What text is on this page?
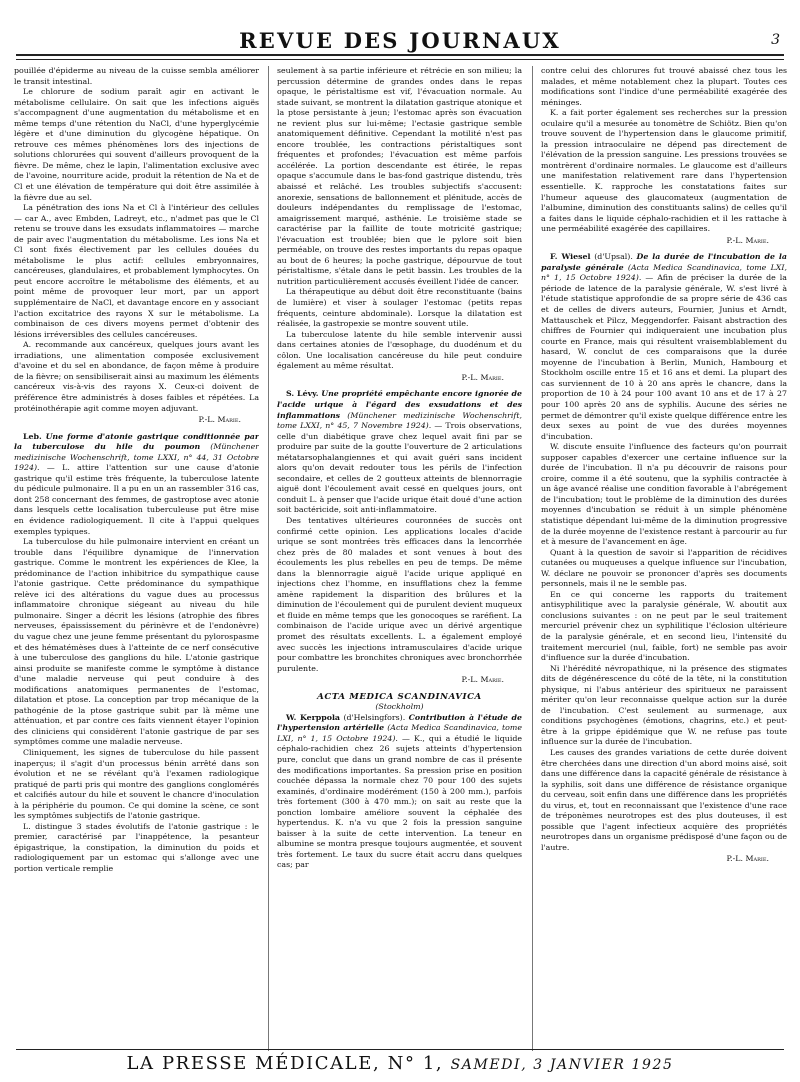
REVUE DES JOURNAUX	3

pouillée d'épiderme au niveau de la cuisse sembla améliorer le transit intestinal.

Le chlorure de sodium paraît agir en activant le métabolisme cellulaire. On sait que les infections aiguës s'accompagnent d'une augmentation du métabolisme et en même temps d'une rétention du NaCl, d'une hyperglycémie légère et d'une diminution du glycogène hépatique. On retrouve ces mêmes phénomènes lors des injections de solutions chlorurées qui souvent d'ailleurs provoquent de la fièvre. De même, chez le lapin, l'alimentation exclusive avec de l'avoine, nourriture acide, produit la rétention de Na et de Cl et une élévation de température qui doit être assimilée à la fièvre due au sel.

La pénétration des ions Na et Cl à l'intérieur des cellules — car A., avec Embden, Ladreyt, etc., n'admet pas que le Cl retenu se trouve dans les exsudats inflammatoires — marche de pair avec l'augmentation du métabolisme. Les ions Na et Cl sont fixés électivement par les cellules douées du métabolisme le plus actif: cellules embryonnaires, cancéreuses, glandulaires, et probablement lymphocytes. On peut encore accroître le métabolisme des éléments, et au point même de provoquer leur mort, par un apport supplémentaire de NaCl, et davantage encore en y associant l'action excitatrice des rayons X sur le métabolisme. La combinaison de ces divers moyens permet d'obtenir des lésions irréversibles des cellules cancéreuses.

A. recommande aux cancéreux, quelques jours avant les irradiations, une alimentation composée exclusivement d'avoine et du sel en abondance, de façon même à produire de la fièvre; on sensibiliserait ainsi au maximum les éléments cancéreux vis-à-vis des rayons X. Ceux-ci doivent de préférence être administrés à doses faibles et répétées. La protéinothérapie agit comme moyen adjuvant.

P.-L. Marie.

Leb. Une forme d'atonie gastrique conditionnée par la tuberculose du hile du poumon (Münchener medizinische Wochenschrift, tome LXXI, n° 44, 31 Octobre 1924). — L. attire l'attention sur une cause d'atonie gastrique qu'il estime très fréquente, la tuberculose latente du pédicule pulmonaire. Il a pu en un an rassembler 316 cas, dont 258 concernant des femmes, de gastroptose avec atonie dans lesquels cette localisation tuberculeuse put être mise en évidence radiologiquement. Il cite à l'appui quelques exemples typiques.

La tuberculose du hile pulmonaire intervient en créant un trouble dans l'équilibre dynamique de l'innervation gastrique. Comme le montrent les expériences de Klee, la prédominance de l'action inhibitrice du sympathique cause l'atonie gastrique. Cette prédominance du sympathique relève ici des altérations du vague dues au processus inflammatoire chronique siégeant au niveau du hile pulmonaire. Singer a décrit les lésions (atrophie des fibres nerveuses, épaississement du périnèvre et de l'endonèvre) du vague chez une jeune femme présentant du pylorospasme et des hématémèses dues à l'atteinte de ce nerf consécutive à une tuberculose des ganglions du hile. L'atonie gastrique ainsi produite se manifeste comme le symptôme à distance d'une maladie nerveuse qui peut conduire à des modifications anatomiques permanentes de l'estomac, dilatation et ptose. La conception par trop mécanique de la pathogénie de la ptose gastrique subit par là même une atténuation, et par contre ces faits viennent étayer l'opinion des cliniciens qui considèrent l'atonie gastrique de par ses symptômes comme une maladie nerveuse.

Cliniquement, les signes de tuberculose du hile passent inaperçus; il s'agit d'un processus bénin arrêté dans son évolution et ne se révélant qu'à l'examen radiologique pratiqué de parti pris qui montre des ganglions conglomérés et calcifiés autour du hile et souvent le chancre d'inoculation à la périphérie du poumon. Ce qui domine la scène, ce sont les symptômes subjectifs de l'atonie gastrique.

L. distingue 3 stades évolutifs de l'atonie gastrique : le premier, caractérisé par l'inappétence, la pesanteur épigastrique, la constipation, la diminution du poids et radiologiquement par un estomac qui s'allonge avec une portion verticale remplie

seulement à sa partie inférieure et rétrécie en son milieu; la percussion détermine de grandes ondes dans le repas opaque, le péristaltisme est vif, l'évacuation normale. Au stade suivant, se montrent la dilatation gastrique atonique et la ptose persistante à jeun; l'estomac après son évacuation ne revient plus sur lui-même; l'ectasie gastrique semble anatomiquement définitive. Cependant la motilité n'est pas encore troublée, les contractions péristaltiques sont fréquentes et profondes; l'évacuation est même parfois accélérée. La portion descendante est étirée, le repas opaque s'accumule dans le bas-fond gastrique distendu, très abaissé et relâché. Les troubles subjectifs s'accusent: anorexie, sensations de ballonnement et plénitude, accès de douleurs indépendantes du remplissage de l'estomac, amaigrissement marqué, asthénie. Le troisième stade se caractérise par la faillite de toute motricité gastrique; l'évacuation est troublée; bien que le pylore soit bien perméable, on trouve des restes importants du repas opaque au bout de 6 heures; la poche gastrique, dépourvue de tout péristaltisme, s'étale dans le petit bassin. Les troubles de la nutrition particulièrement accusés éveillent l'idée de cancer.

La thérapeutique au début doit être reconstituante (bains de lumière) et viser à soulager l'estomac (petits repas fréquents, ceinture abdominale). Lorsque la dilatation est réalisée, la gastropexie se montre souvent utile.

La tuberculose latente du hile semble intervenir aussi dans certaines atonies de l'œsophage, du duodénum et du côlon. Une localisation cancéreuse du hile peut conduire également au même résultat.

P.-L. Marie.

S. Lévy. Une propriété empêchante encore ignorée de l'acide urique à l'égard des exsudations et des inflammations (Münchener medizinische Wochenschrift, tome LXXI, n° 45, 7 Novembre 1924). — Trois observations, celle d'un diabétique grave chez lequel avait fini par se produire par suite de la goutte l'ouverture de 2 articulations métatarsophalangiennes et qui avait guéri sans incident alors qu'on devait redouter tous les périls de l'infection secondaire, et celles de 2 goutteux atteints de blennorragie aiguë dont l'écoulement avait cessé en quelques jours, ont conduit L. à penser que l'acide urique était doué d'une action soit bactéricide, soit anti-inflammatoire.

Des tentatives ultérieures couronnées de succès ont confirmé cette opinion. Les applications locales d'acide urique se sont montrées très efficaces dans la lencorrhée chez près de 80 malades et sont venues à bout des écoulements les plus rebelles en peu de temps. De même dans la blennorragie aiguë l'acide urique appliqué en injections chez l'homme, en insufflations chez la femme amène rapidement la disparition des brûlures et la diminution de l'écoulement qui de purulent devient muqueux et fluide en même temps que les gonocoques se raréfient. La combinaison de l'acide urique avec un dérivé argentique promet des résultats excellents. L. a également employé avec succès les injections intramusculaires d'acide urique pour combattre les bronchites chroniques avec bronchorrhée purulente.

P.-L. Marie.

ACTA MEDICA SCANDINAVICA

(Stockholm)

W. Kerppola (d'Helsingfors). Contribution à l'étude de l'hypertension artérielle (Acta Medica Scandinavica, tome LXI, n° 1, 15 Octobre 1924). — K., qui a étudié le liquide céphalo-rachidien chez 26 sujets atteints d'hypertension pure, conclut que dans un grand nombre de cas il présente des modifications importantes. Sa pression prise en position couchée dépassa la normale chez 70 pour 100 des sujets examinés, d'ordinaire modérément (150 à 200 mm.), parfois très fortement (300 à 470 mm.); on sait au reste que la ponction lombaire améliore souvent la céphalée des hypertendus. K. n'a vu que 2 fois la pression sanguine baisser à la suite de cette intervention. La teneur en albumine se montra presque toujours augmentée, et souvent très fortement. Le taux du sucre était accru dans quelques cas; par

contre celui des chlorures fut trouvé abaissé chez tous les malades, et même notablement chez la plupart. Toutes ces modifications sont l'indice d'une perméabilité exagérée des méninges.

K. a fait porter également ses recherches sur la pression oculaire qu'il a mesurée au tonomètre de Schiötz. Bien qu'on trouve souvent de l'hypertension dans le glaucome primitif, la pression intraoculaire ne dépend pas directement de l'élévation de la pression sanguine. Les pressions trouvées se montrèrent d'ordinaire normales. Le glaucome est d'ailleurs une manifestation relativement rare dans l'hypertension essentielle. K. rapproche les constatations faites sur l'humeur aqueuse des glaucomateux (augmentation de l'albumine, diminution des constituants salins) de celles qu'il a faites dans le liquide céphalo-rachidien et il les rattache à une perméabilité exagérée des capillaires.

P.-L. Marie.

F. Wiesel (d'Upsal). De la durée de l'incubation de la paralysie générale (Acta Medica Scandinavica, tome LXI, n° 1, 15 Octobre 1924). — Afin de préciser la durée de la période de latence de la paralysie générale, W. s'est livré à l'étude statistique approfondie de sa propre série de 436 cas et de celles de divers auteurs, Fournier, Junius et Arndt, Mattauschek et Pilcz, Meggendorfer. Faisant abstraction des chiffres de Fournier qui indiqueraient une incubation plus courte en France, mais qui résultent vraisemblablement du hasard, W. conclut de ces comparaisons que la durée moyenne de l'incubation à Berlin, Munich, Hambourg et Stockholm oscille entre 15 et 16 ans et demi. La plupart des cas surviennent de 10 à 20 ans après le chancre, dans la proportion de 10 à 24 pour 100 avant 10 ans et de 17 à 27 pour 100 après 20 ans de syphilis. Aucune des séries ne permet de démontrer qu'il existe quelque différence entre les deux sexes au point de vue des durées moyennes d'incubation.

W. discute ensuite l'influence des facteurs qu'on pourrait supposer capables d'exercer une certaine influence sur la durée de l'incubation. Il n'a pu découvrir de raisons pour croire, comme il a été soutenu, que la syphilis contractée à un âge avancé réalise une condition favorable à l'abrégement de l'incubation; tout le problème de la diminution des durées moyennes d'incubation se réduit à un simple phénomène statistique dépendant lui-même de la diminution progressive de la durée moyenne de l'existence restant à parcourir au fur et à mesure de l'avancement en âge.

Quant à la question de savoir si l'apparition de récidives cutanées ou muqueuses a quelque influence sur l'incubation, W. déclare ne pouvoir se prononcer d'après ses documents personnels, mais il ne le semble pas.

En ce qui concerne les rapports du traitement antisyphilitique avec la paralysie générale, W. aboutit aux conclusions suivantes : on ne peut par le seul traitement mercuriel prévenir chez un syphilitique l'éclosion ultérieure de la paralysie générale, et en second lieu, l'intensité du traitement mercuriel (nul, faible, fort) ne semble pas avoir d'influence sur la durée d'incubation.

Ni l'hérédité névropathique, ni la présence des stigmates dits de dégénérescence du côté de la tête, ni la constitution physique, ni l'abus antérieur des spiritueux ne paraissent mériter qu'on leur reconnaisse quelque action sur la durée de l'incubation. C'est seulement au surmenage, aux conditions psychogènes (émotions, chagrins, etc.) et peut-être à la grippe épidémique que W. ne refuse pas toute influence sur la durée de l'incubation.

Les causes des grandes variations de cette durée doivent être cherchées dans une direction d'un abord moins aisé, soit dans une différence dans la capacité générale de résistance à la syphilis, soit dans une différence de résistance organique du cerveau, soit enfin dans une différence dans les propriétés du virus, et, tout en reconnaissant que l'existence d'une race de tréponèmes neurotropes est des plus douteuses, il est possible que l'agent infectieux acquière des propriétés neurotropes dans un organisme prédisposé d'une façon ou de l'autre.

P.-L. Marie.

LA PRESSE MÉDICALE, N° 1, SAMEDI, 3 JANVIER 1925
